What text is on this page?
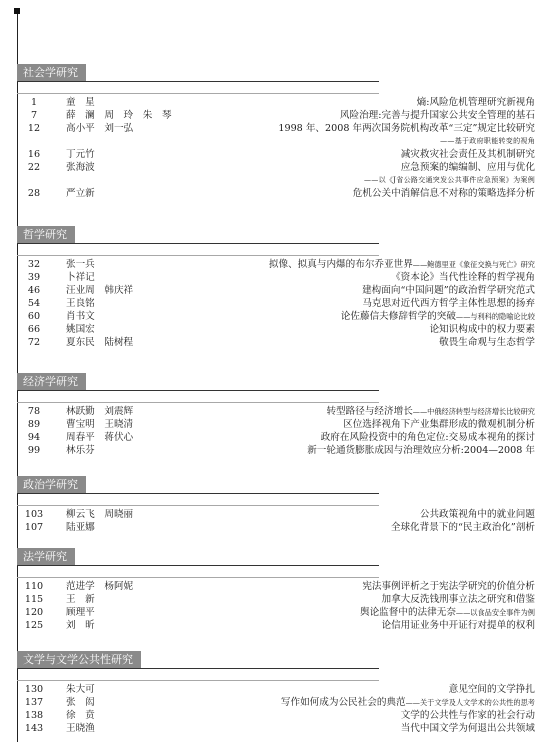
社会学研究
1	童　星	熵:风险危机管理研究新视角
7	薛　澜　周　玲　朱　琴	风险治理:完善与提升国家公共安全管理的基石
12	高小平　刘一弘	1998 年、2008 年两次国务院机构改革“三定”规定比较研究
——基于政府职能转变的视角
16	丁元竹	减灾救灾社会责任及其机制研究
22	张海波	应急预案的编编制、应用与优化
——以《J省公路交通突发公共事件应急预案》为案例
28	严立新	危机公关中消解信息不对称的策略选择分析
哲学研究
32	张一兵	拟像、拟真与内爆的布尔乔亚世界——鲍德里亚《象征交换与死亡》研究
39	卜祥记	《资本论》当代性诠释的哲学视角
46	汪业周　韩庆祥	建构面向“中国问题”的政治哲学研究范式
54	王良铭	马克思对近代西方哲学主体性思想的扬弃
60	肖书文	论佐藤信夫修辞哲学的突破——与利科的隐喻论比较
66	姚国宏	论知识构成中的权力要素
72	夏东民　陆树程	敬畏生命观与生态哲学
经济学研究
78	林跃勤　刘震辉	转型路径与经济增长——中俄经济转型与经济增长比较研究
89	曹宝明　王晓清	区位选择视角下产业集群形成的微观机制分析
94	周春平　蒋伏心	政府在风险投资中的角色定位:交易成本视角的探讨
99	林乐芬	新一轮通货膨胀成因与治理效应分析:2004—2008 年
政治学研究
103	柳云飞　周晓丽	公共政策视角中的就业问题
107	陆亚娜	全球化背景下的“民主政治化”剖析
法学研究
110	范进学　杨阿妮	宪法事例评析之于宪法学研究的价值分析
115	王　新	加拿大反洗钱刑事立法之研究和借鉴
120	顾理平	舆论监督中的法律无奈——以食品安全事件为例
125	刘　昕	论信用证业务中开证行对提单的权利
文学与文学公共性研究
130	朱大可	意见空间的文学挣扎
137	张　闳	写作如何成为公民社会的典范——关于文学及人文学术的公共性的思考
138	徐　贲	文学的公共性与作家的社会行动
143	王晓渔	当代中国文学为何退出公共领域
